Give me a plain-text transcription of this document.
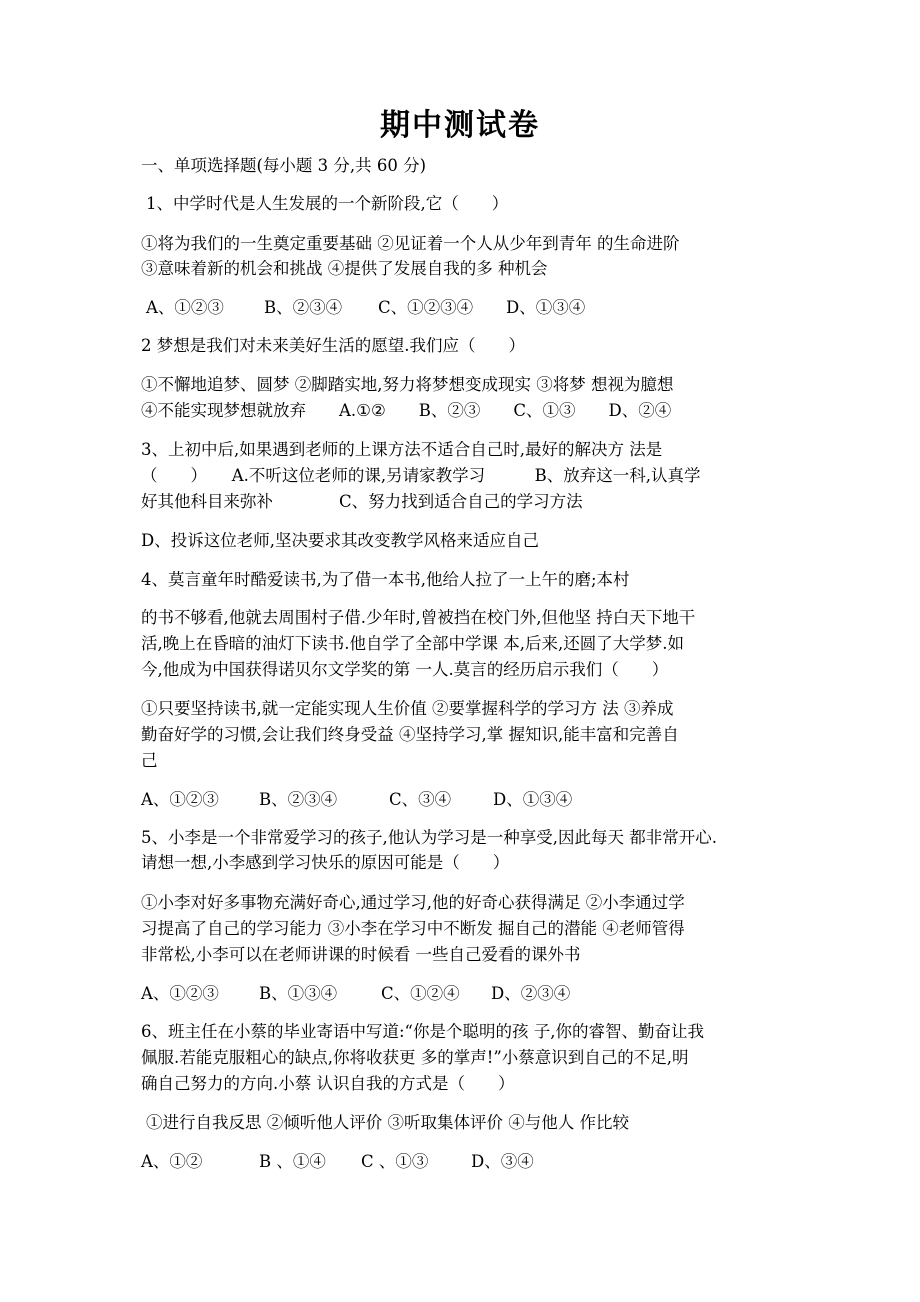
期中测试卷
一、单项选择题(每小题 3 分,共 60 分)
1、中学时代是人生发展的一个新阶段,它（　　）
①将为我们的一生奠定重要基础 ②见证着一个人从少年到青年 的生命进阶
③意味着新的机会和挑战 ④提供了发展自我的多 种机会
A、①②③ B、②③④ C、①②③④ D、①③④
2 梦想是我们对未来美好生活的愿望.我们应（　　）
①不懈地追梦、圆梦 ②脚踏实地,努力将梦想变成现实 ③将梦 想视为臆想
④不能实现梦想就放弃　　A.①②　　B、②③　　C、①③　　D、②④
3、上初中后,如果遇到老师的上课方法不适合自己时,最好的解决方 法是
（　　）　　A.不听这位老师的课,另请家教学习　　　B、放弃这一科,认真学
好其他科目来弥补　　　　C、努力找到适合自己的学习方法
D、投诉这位老师,坚决要求其改变教学风格来适应自己
4、莫言童年时酷爱读书,为了借一本书,他给人拉了一上午的磨;本村
的书不够看,他就去周围村子借.少年时,曾被挡在校门外,但他坚 持白天下地干
活,晚上在昏暗的油灯下读书.他自学了全部中学课 本,后来,还圆了大学梦.如
今,他成为中国获得诺贝尔文学奖的第 一人.莫言的经历启示我们（　　）
①只要坚持读书,就一定能实现人生价值 ②要掌握科学的学习方 法 ③养成
勤奋好学的习惯,会让我们终身受益 ④坚持学习,掌 握知识,能丰富和完善自
己
A、①②③ B、②③④	C、③④	D、①③④
5、小李是一个非常爱学习的孩子,他认为学习是一种享受,因此每天 都非常开心.
请想一想,小李感到学习快乐的原因可能是（　　）
①小李对好多事物充满好奇心,通过学习,他的好奇心获得满足 ②小李通过学
习提高了自己的学习能力 ③小李在学习中不断发 掘自己的潜能 ④老师管得
非常松,小李可以在老师讲课的时候看 一些自己爱看的课外书
A、①②③ B、①③④	C、①②④ D、②③④
6、班主任在小蔡的毕业寄语中写道:“你是个聪明的孩 子,你的睿智、勤奋让我
佩服.若能克服粗心的缺点,你将收获更 多的掌声!”小蔡意识到自己的不足,明
确自己努力的方向.小蔡 认识自我的方式是（　　）
①进行自我反思 ②倾听他人评价 ③听取集体评价 ④与他人 作比较
A、①②	B 、①④ C 、①③	D、③④
